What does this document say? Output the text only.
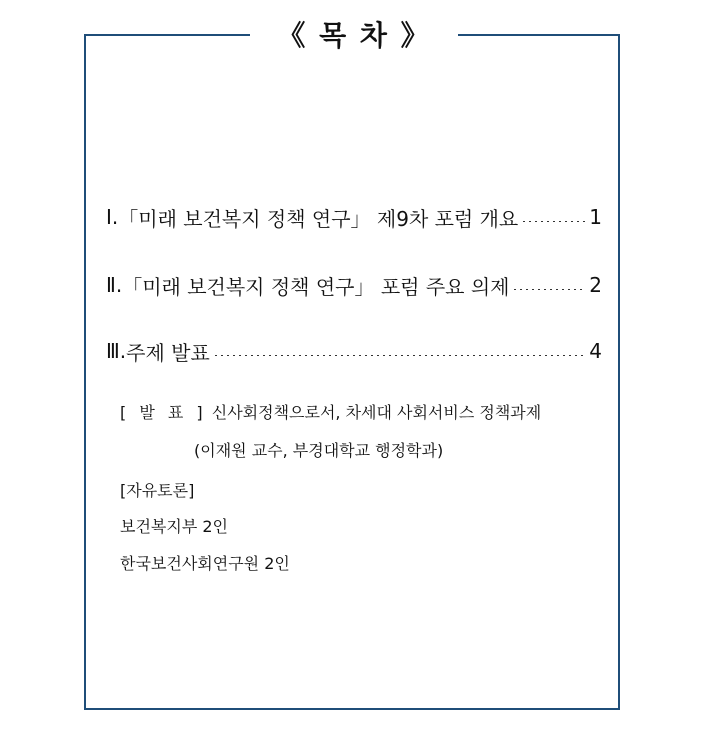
《 목 차 》
Ⅰ. 「미래 보건복지 정책 연구」 제9차 포럼 개요	1
Ⅱ. 「미래 보건복지 정책 연구」 포럼 주요 의제	2
Ⅲ. 주제 발표	4
[ 발 표 ] 신사회정책으로서, 차세대 사회서비스 정책과제
(이재원 교수, 부경대학교 행정학과)
[자유토론]
보건복지부 2인
한국보건사회연구원 2인
